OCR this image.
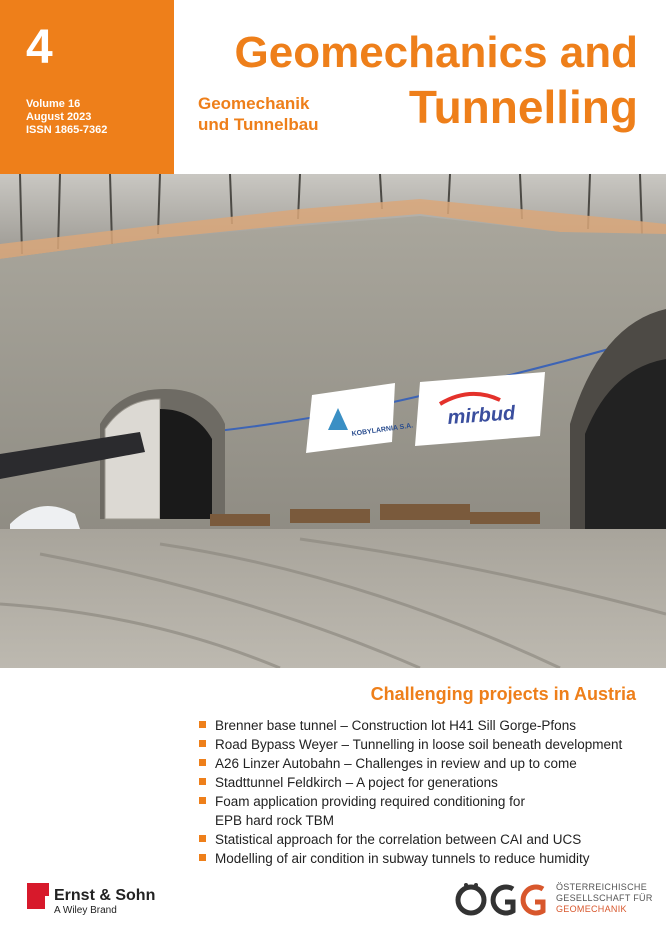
4
Volume 16
August 2023
ISSN 1865-7362
Geomechanics and
Tunnelling
Geomechanik
und Tunnelbau
KOBYLARNIA S.A.
mirbud
Challenging projects in Austria
Brenner base tunnel – Construction lot H41 Sill Gorge-Pfons
Road Bypass Weyer – Tunnelling in loose soil beneath development
A26 Linzer Autobahn – Challenges in review and up to come
Stadttunnel Feldkirch – A poject for generations
Foam application providing required conditioning for
EPB hard rock TBM
Statistical approach for the correlation between CAI and UCS
Modelling of air condition in subway tunnels to reduce humidity
Ernst & Sohn
A Wiley Brand
ÖSTERREICHISCHE
GESELLSCHAFT FÜR
GEOMECHANIK
